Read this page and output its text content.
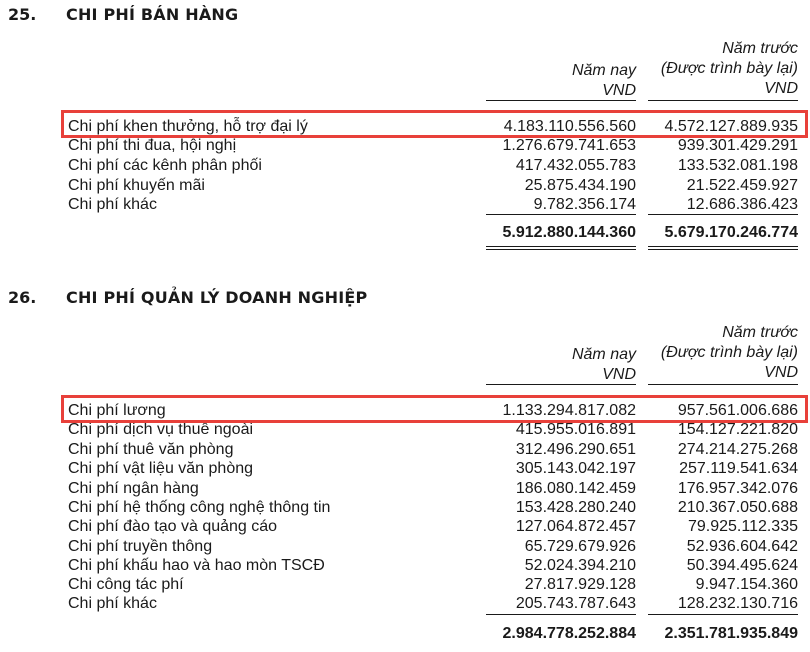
25. CHI PHÍ BÁN HÀNG
Năm nay
VND
Năm trước
(Được trình bày lại)
VND
Chi phí khen thưởng, hỗ trợ đại lý	4.183.110.556.560	4.572.127.889.935
Chi phí thi đua, hội nghị	1.276.679.741.653	939.301.429.291
Chi phí các kênh phân phối	417.432.055.783	133.532.081.198
Chi phí khuyến mãi	25.875.434.190	21.522.459.927
Chi phí khác	9.782.356.174	12.686.386.423
5.912.880.144.360	5.679.170.246.774
26. CHI PHÍ QUẢN LÝ DOANH NGHIỆP
Năm nay
VND
Năm trước
(Được trình bày lại)
VND
Chi phí lương	1.133.294.817.082	957.561.006.686
Chi phí dịch vụ thuê ngoài	415.955.016.891	154.127.221.820
Chi phí thuê văn phòng	312.496.290.651	274.214.275.268
Chi phí vật liệu văn phòng	305.143.042.197	257.119.541.634
Chi phí ngân hàng	186.080.142.459	176.957.342.076
Chi phí hệ thống công nghệ thông tin	153.428.280.240	210.367.050.688
Chi phí đào tạo và quảng cáo	127.064.872.457	79.925.112.335
Chi phí truyền thông	65.729.679.926	52.936.604.642
Chi phí khấu hao và hao mòn TSCĐ	52.024.394.210	50.394.495.624
Chi công tác phí	27.817.929.128	9.947.154.360
Chi phí khác	205.743.787.643	128.232.130.716
2.984.778.252.884	2.351.781.935.849
